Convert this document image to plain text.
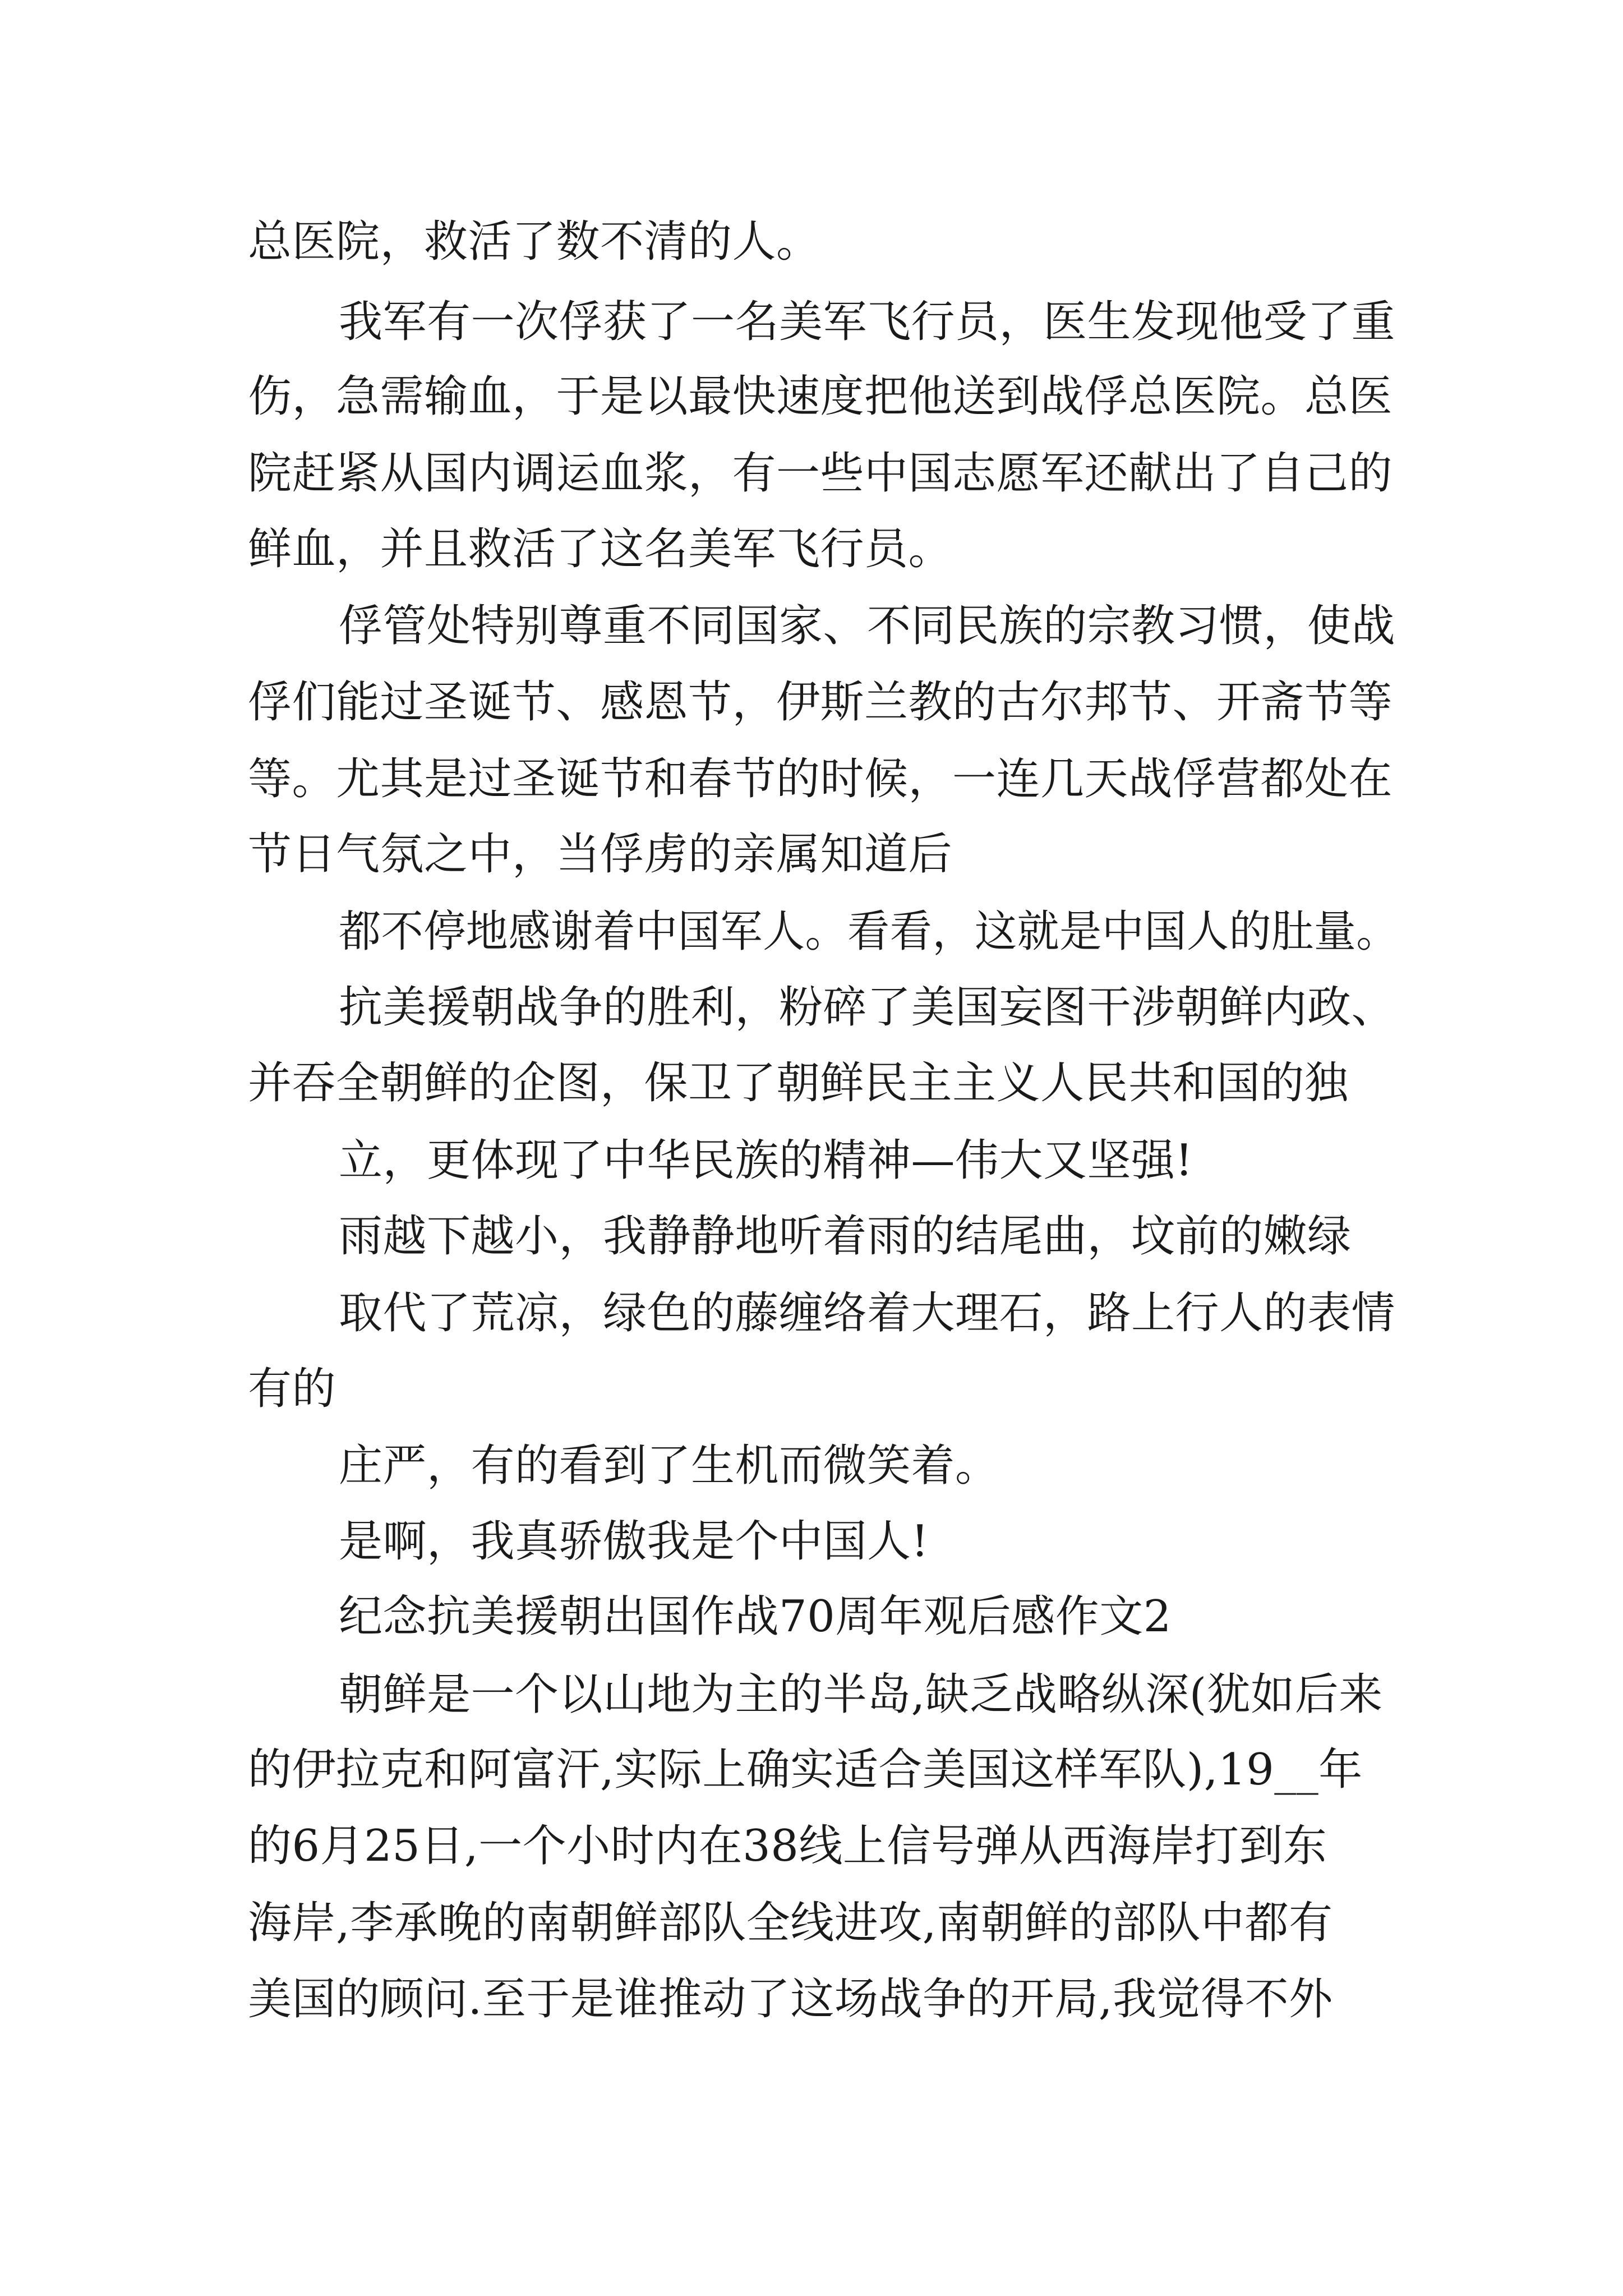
总医院，救活了数不清的人。
我军有一次俘获了一名美军飞行员，医生发现他受了重
伤，急需输血，于是以最快速度把他送到战俘总医院。总医
院赶紧从国内调运血浆，有一些中国志愿军还献出了自己的
鲜血，并且救活了这名美军飞行员。
俘管处特别尊重不同国家、不同民族的宗教习惯，使战
俘们能过圣诞节、感恩节，伊斯兰教的古尔邦节、开斋节等
等。尤其是过圣诞节和春节的时候，一连几天战俘营都处在
节日气氛之中，当俘虏的亲属知道后
都不停地感谢着中国军人。看看，这就是中国人的肚量。
抗美援朝战争的胜利，粉碎了美国妄图干涉朝鲜内政、
并吞全朝鲜的企图，保卫了朝鲜民主主义人民共和国的独
立，更体现了中华民族的精神—伟大又坚强!
雨越下越小，我静静地听着雨的结尾曲，坟前的嫩绿
取代了荒凉，绿色的藤缠络着大理石，路上行人的表情
有的
庄严，有的看到了生机而微笑着。
是啊，我真骄傲我是个中国人!
纪念抗美援朝出国作战70周年观后感作文2
朝鲜是一个以山地为主的半岛,缺乏战略纵深(犹如后来
的伊拉克和阿富汗,实际上确实适合美国这样军队),19__年
的6月25日,一个小时内在38线上信号弹从西海岸打到东
海岸,李承晚的南朝鲜部队全线进攻,南朝鲜的部队中都有
美国的顾问.至于是谁推动了这场战争的开局,我觉得不外
